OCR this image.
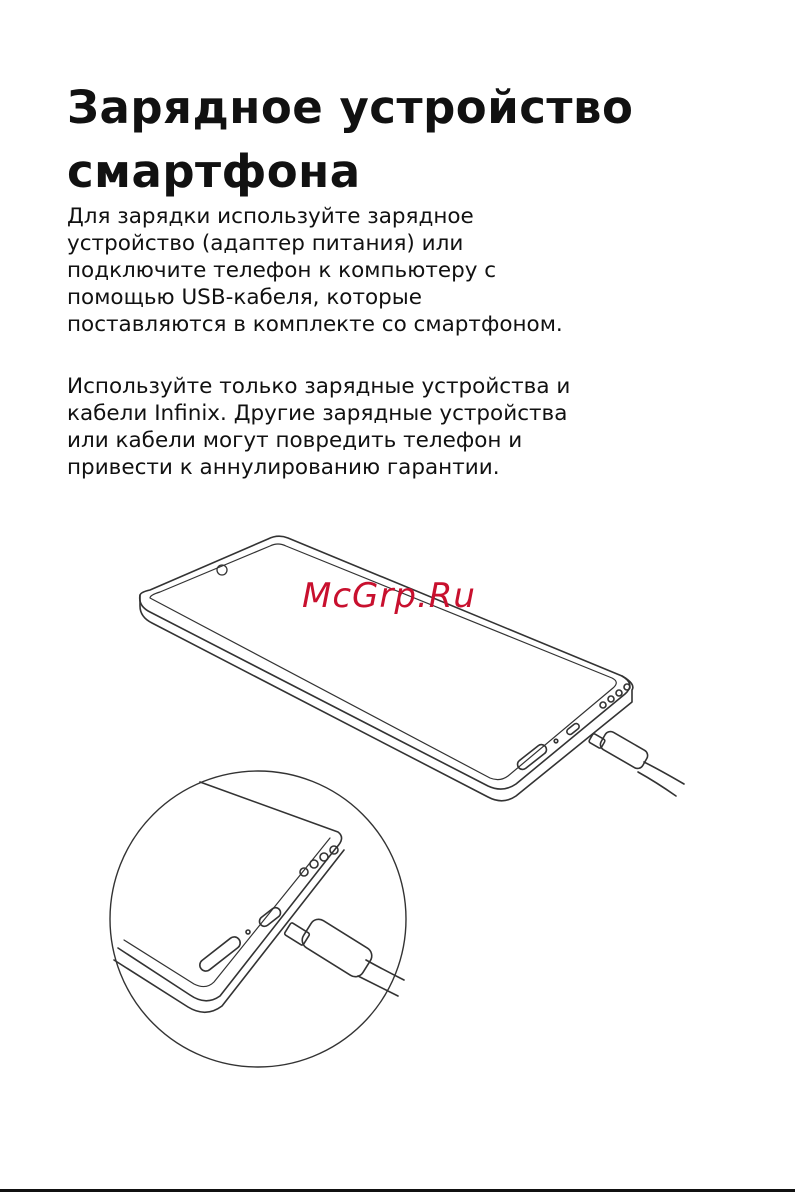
Зарядное устройство
смартфона

Для зарядки используйте зарядное
устройство (адаптер питания) или
подключите телефон к компьютеру с
помощью USB-кабеля, которые
поставляются в комплекте со смартфоном.

Используйте только зарядные устройства и
кабели Infinix. Другие зарядные устройства
или кабели могут повредить телефон и
привести к аннулированию гарантии.

McGrp.Ru
